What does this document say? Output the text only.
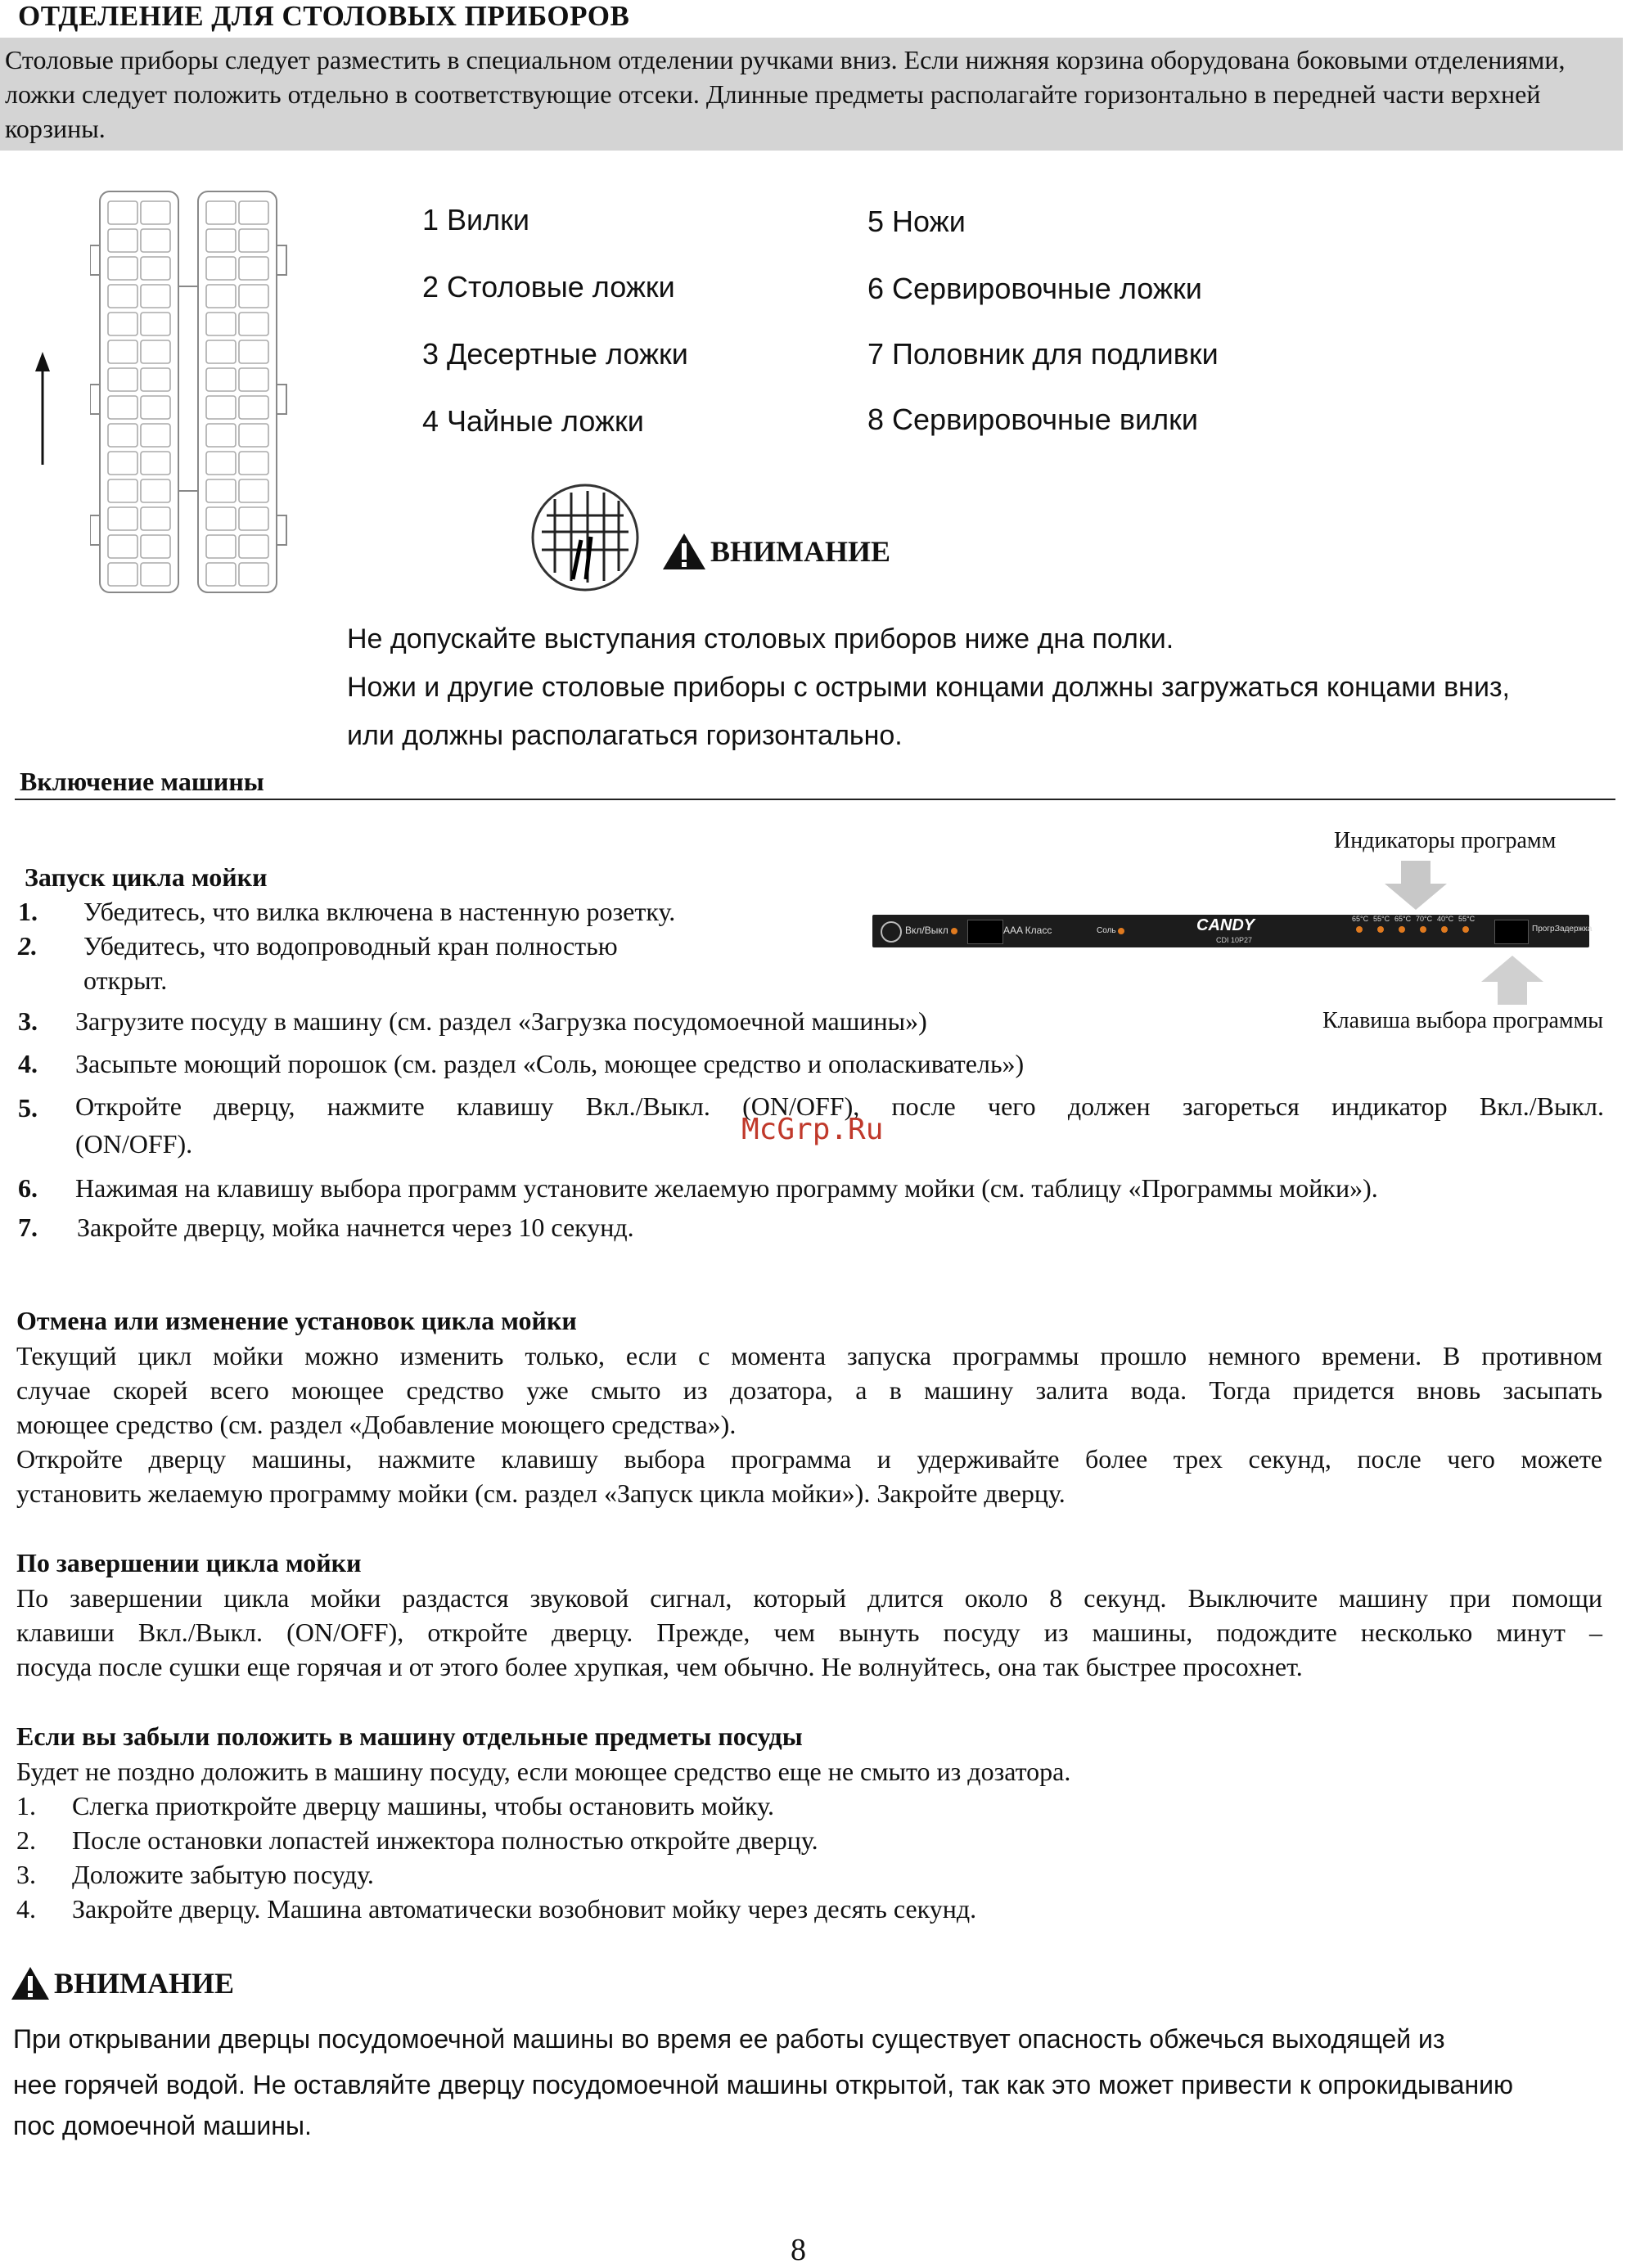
ОТДЕЛЕНИЕ ДЛЯ СТОЛОВЫХ ПРИБОРОВ
Столовые приборы следует разместить в специальном отделении ручками вниз. Если нижняя корзина оборудована боковыми отделениями, ложки следует положить отдельно в соответствующие отсеки. Длинные предметы располагайте горизонтально в передней части верхней корзины.
1 Вилки
2 Столовые ложки
3 Десертные ложки
4 Чайные ложки
5 Ножи
6 Сервировочные ложки
7 Половник для подливки
8 Сервировочные вилки
ВНИМАНИЕ
Не допускайте выступания столовых приборов ниже дна полки.
Ножи и другие столовые приборы с острыми концами должны загружаться концами вниз,
или должны располагаться горизонтально.
Включение машины
Индикаторы программ
Вкл/Выкл	AAA Класс	Соль	CANDY
CDI 10P27
65°C 55°C 65°C 70°C 40°C 55°C
Прогр.
Задержка
Клавиша выбора программы
Запуск цикла мойки
1. Убедитесь, что вилка включена в настенную розетку.
2. Убедитесь, что водопроводный кран полностью
открыт.
3. Загрузите посуду в машину (см. раздел «Загрузка посудомоечной машины»)
4. Засыпьте моющий порошок (см. раздел «Соль, моющее средство и ополаскиватель»)
5. Откройте дверцу, нажмите клавишу Вкл./Выкл. (ON/OFF), после чего должен загореться индикатор Вкл./Выкл.
(ON/OFF).
6. Нажимая на клавишу выбора программ установите желаемую программу мойки (см. таблицу «Программы мойки»).
7. Закройте дверцу, мойка начнется через 10 секунд.
McGrp.Ru
Отмена или изменение установок цикла мойки
Текущий цикл мойки можно изменить только, если с момента запуска программы прошло немного времени. В противном
случае скорей всего моющее средство уже смыто из дозатора, а в машину залита вода. Тогда придется вновь засыпать
моющее средство (см. раздел «Добавление моющего средства»).
Откройте дверцу машины, нажмите клавишу выбора программа и удерживайте более трех секунд, после чего можете
установить желаемую программу мойки (см. раздел «Запуск цикла мойки»). Закройте дверцу.
По завершении цикла мойки
По завершении цикла мойки раздастся звуковой сигнал, который длится около 8 секунд. Выключите машину при помощи
клавиши Вкл./Выкл. (ON/OFF), откройте дверцу. Прежде, чем вынуть посуду из машины, подождите несколько минут –
посуда после сушки еще горячая и от этого более хрупкая, чем обычно. Не волнуйтесь, она так быстрее просохнет.
Если вы забыли положить в машину отдельные предметы посуды
Будет не поздно доложить в машину посуду, если моющее средство еще не смыто из дозатора.
1. Слегка приоткройте дверцу машины, чтобы остановить мойку.
2. После остановки лопастей инжектора полностью откройте дверцу.
3. Доложите забытую посуду.
4. Закройте дверцу. Машина автоматически возобновит мойку через десять секунд.
ВНИМАНИЕ
При открывании дверцы посудомоечной машины во время ее работы существует опасность обжечься выходящей из
нее горячей водой. Не оставляйте дверцу посудомоечной машины открытой, так как это может привести к опрокидыванию
пос домоечной машины.
8
